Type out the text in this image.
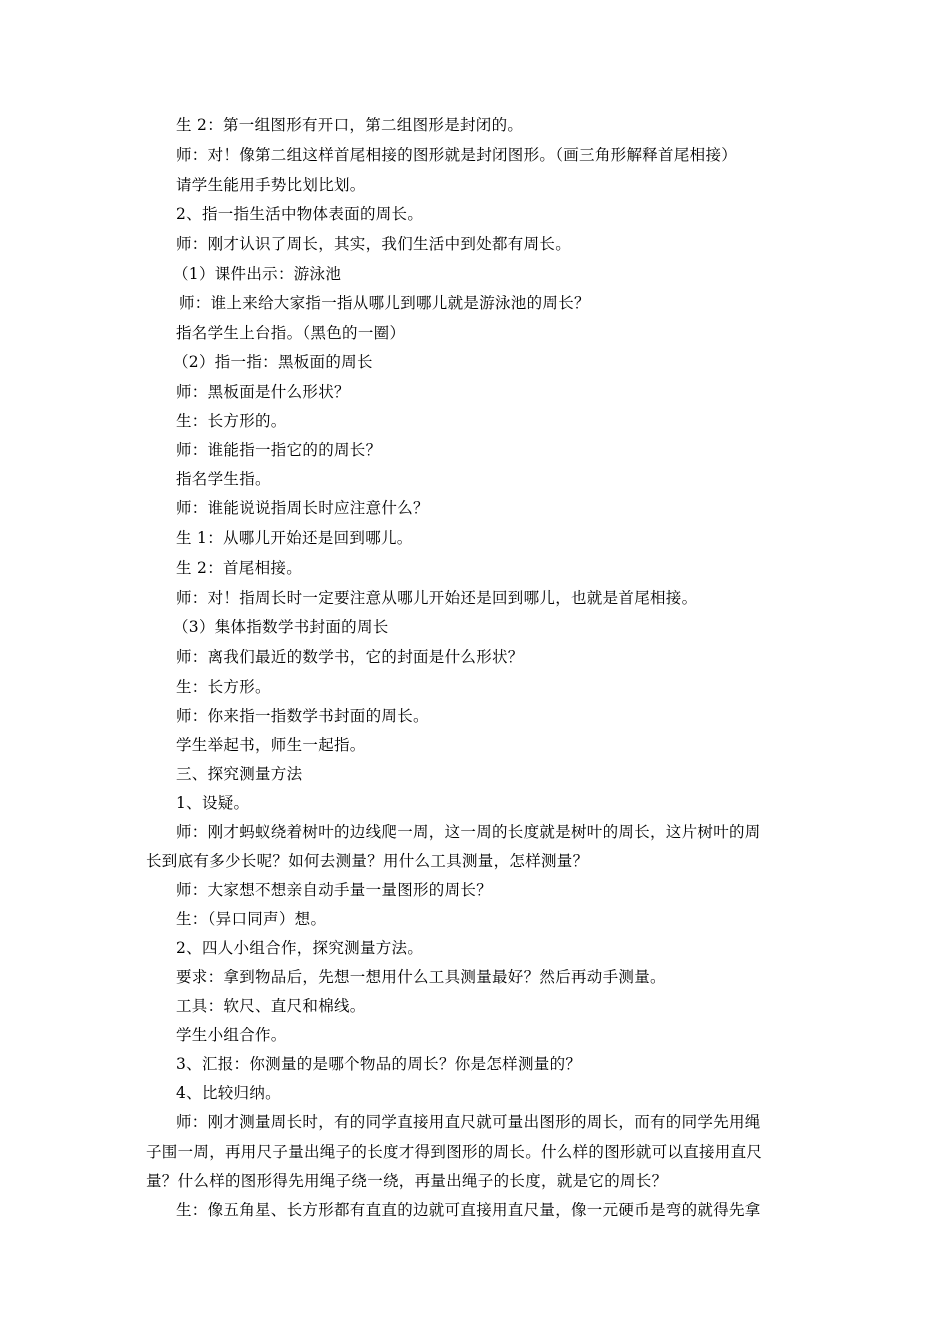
生 2：第一组图形有开口，第二组图形是封闭的。
师：对！像第二组这样首尾相接的图形就是封闭图形。（画三角形解释首尾相接）
请学生能用手势比划比划。
2、指一指生活中物体表面的周长。
师：刚才认识了周长，其实，我们生活中到处都有周长。
（1）课件出示：游泳池
师：谁上来给大家指一指从哪儿到哪儿就是游泳池的周长？
指名学生上台指。（黑色的一圈）
（2）指一指：黑板面的周长
师：黑板面是什么形状？
生：长方形的。
师：谁能指一指它的的周长？
指名学生指。
师：谁能说说指周长时应注意什么？
生 1：从哪儿开始还是回到哪儿。
生 2：首尾相接。
师：对！指周长时一定要注意从哪儿开始还是回到哪儿，也就是首尾相接。
（3）集体指数学书封面的周长
师：离我们最近的数学书，它的封面是什么形状？
生：长方形。
师：你来指一指数学书封面的周长。
学生举起书，师生一起指。
三、探究测量方法
1、设疑。
师：刚才蚂蚁绕着树叶的边线爬一周，这一周的长度就是树叶的周长，这片树叶的周
长到底有多少长呢？如何去测量？用什么工具测量，怎样测量？
师：大家想不想亲自动手量一量图形的周长？
生：（异口同声）想。
2、四人小组合作，探究测量方法。
要求：拿到物品后，先想一想用什么工具测量最好？然后再动手测量。
工具：软尺、直尺和棉线。
学生小组合作。
3、汇报：你测量的是哪个物品的周长？你是怎样测量的？
4、比较归纳。
师：刚才测量周长时，有的同学直接用直尺就可量出图形的周长，而有的同学先用绳
子围一周，再用尺子量出绳子的长度才得到图形的周长。什么样的图形就可以直接用直尺
量？什么样的图形得先用绳子绕一绕，再量出绳子的长度，就是它的周长？
生：像五角星、长方形都有直直的边就可直接用直尺量，像一元硬币是弯的就得先拿
